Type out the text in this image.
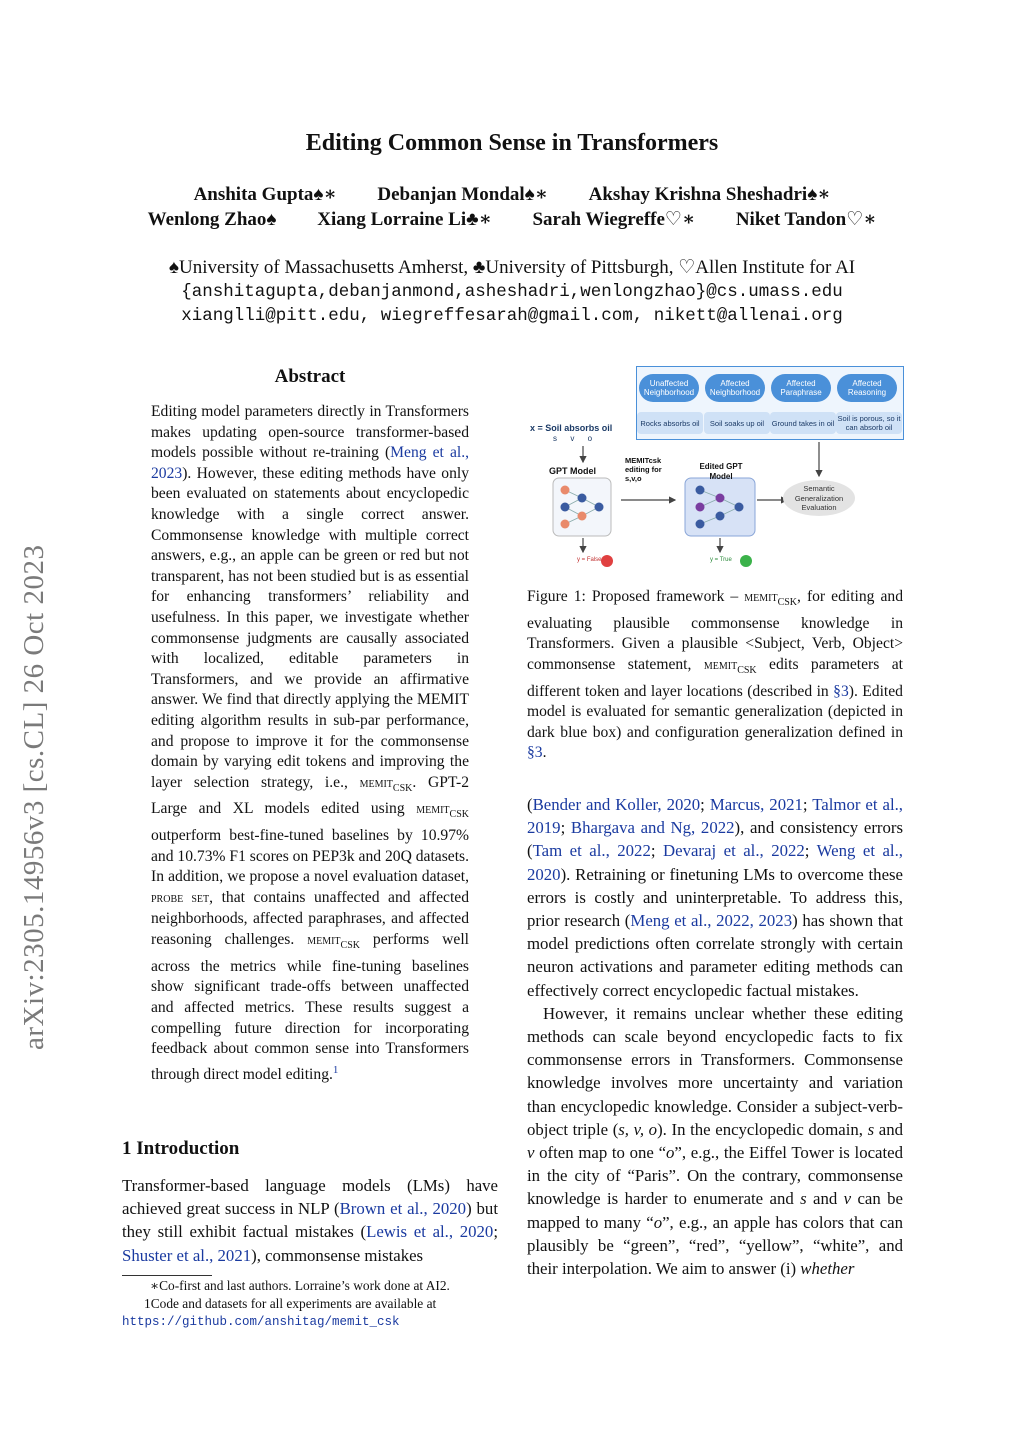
arXiv:2305.14956v3 [cs.CL] 26 Oct 2023
Editing Common Sense in Transformers
Anshita Gupta♠∗ Debanjan Mondal♠∗ Akshay Krishna Sheshadri♠∗
Wenlong Zhao♠ Xiang Lorraine Li♣∗ Sarah Wiegreffe♡∗ Niket Tandon♡∗
♠University of Massachusetts Amherst, ♣University of Pittsburgh, ♡Allen Institute for AI
{anshitagupta,debanjanmond,asheshadri,wenlongzhao}@cs.umass.edu
xianglli@pitt.edu, wiegreffesarah@gmail.com, nikett@allenai.org
Abstract
Editing model parameters directly in Transformers makes updating open-source transformer-based models possible without re-training (Meng et al., 2023). However, these editing methods have only been evaluated on statements about encyclopedic knowledge with a single correct answer. Commonsense knowledge with multiple correct answers, e.g., an apple can be green or red but not transparent, has not been studied but is as essential for enhancing transformers’ reliability and usefulness. In this paper, we investigate whether commonsense judgments are causally associated with localized, editable parameters in Transformers, and we provide an affirmative answer. We find that directly applying the MEMIT editing algorithm results in sub-par performance, and propose to improve it for the commonsense domain by varying edit tokens and improving the layer selection strategy, i.e., memit$_{CSK}$. GPT-2 Large and XL models edited using memit$_{CSK}$ outperform best-fine-tuned baselines by 10.97% and 10.73% F1 scores on PEP3k and 20Q datasets. In addition, we propose a novel evaluation dataset, probe set, that contains unaffected and affected neighborhoods, affected paraphrases, and affected reasoning challenges. memit$_{CSK}$ performs well across the metrics while fine-tuning baselines show significant trade-offs between unaffected and affected metrics. These results suggest a compelling future direction for incorporating feedback about common sense into Transformers through direct model editing.$^1$
1 Introduction
Transformer-based language models (LMs) have achieved great success in NLP (Brown et al., 2020) but they still exhibit factual mistakes (Lewis et al., 2020; Shuster et al., 2021), commonsense mistakes
∗Co-first and last authors. Lorraine’s work done at AI2.
1Code and datasets for all experiments are available at
https://github.com/anshitag/memit_csk
Unaffected Neighborhood
Affected Neighborhood
Affected Paraphrase
Affected Reasoning
Rocks absorbs oil	Soil soaks up oil	Ground takes in oil Soil is porous, so it can absorb oil
x = Soil absorbs oil
s      v      o
GPT Model
MEMITcsk editing for s,v,o
Edited GPT Model
Semantic Generalization Evaluation
y = False	y = True
Figure 1: Proposed framework – memit$_{CSK}$, for editing and evaluating plausible commonsense knowledge in Transformers. Given a plausible <Subject, Verb, Object> commonsense statement, memit$_{CSK}$ edits parameters at different token and layer locations (described in §3). Edited model is evaluated for semantic generalization (depicted in dark blue box) and configuration generalization defined in §3.

(Bender and Koller, 2020; Marcus, 2021; Talmor et al., 2019; Bhargava and Ng, 2022), and consistency errors (Tam et al., 2022; Devaraj et al., 2022; Weng et al., 2020). Retraining or finetuning LMs to overcome these errors is costly and uninterpretable. To address this, prior research (Meng et al., 2022, 2023) has shown that model predictions often correlate strongly with certain neuron activations and parameter editing methods can effectively correct encyclopedic factual mistakes.

However, it remains unclear whether these editing methods can scale beyond encyclopedic facts to fix commonsense errors in Transformers. Commonsense knowledge involves more uncertainty and variation than encyclopedic knowledge. Consider a subject-verb-object triple (s, v, o). In the encyclopedic domain, s and v often map to one “o”, e.g., the Eiffel Tower is located in the city of “Paris”. On the contrary, commonsense knowledge is harder to enumerate and s and v can be mapped to many “o”, e.g., an apple has colors that can plausibly be “green”, “red”, “yellow”, “white”, and their interpolation. We aim to answer (i) whether
